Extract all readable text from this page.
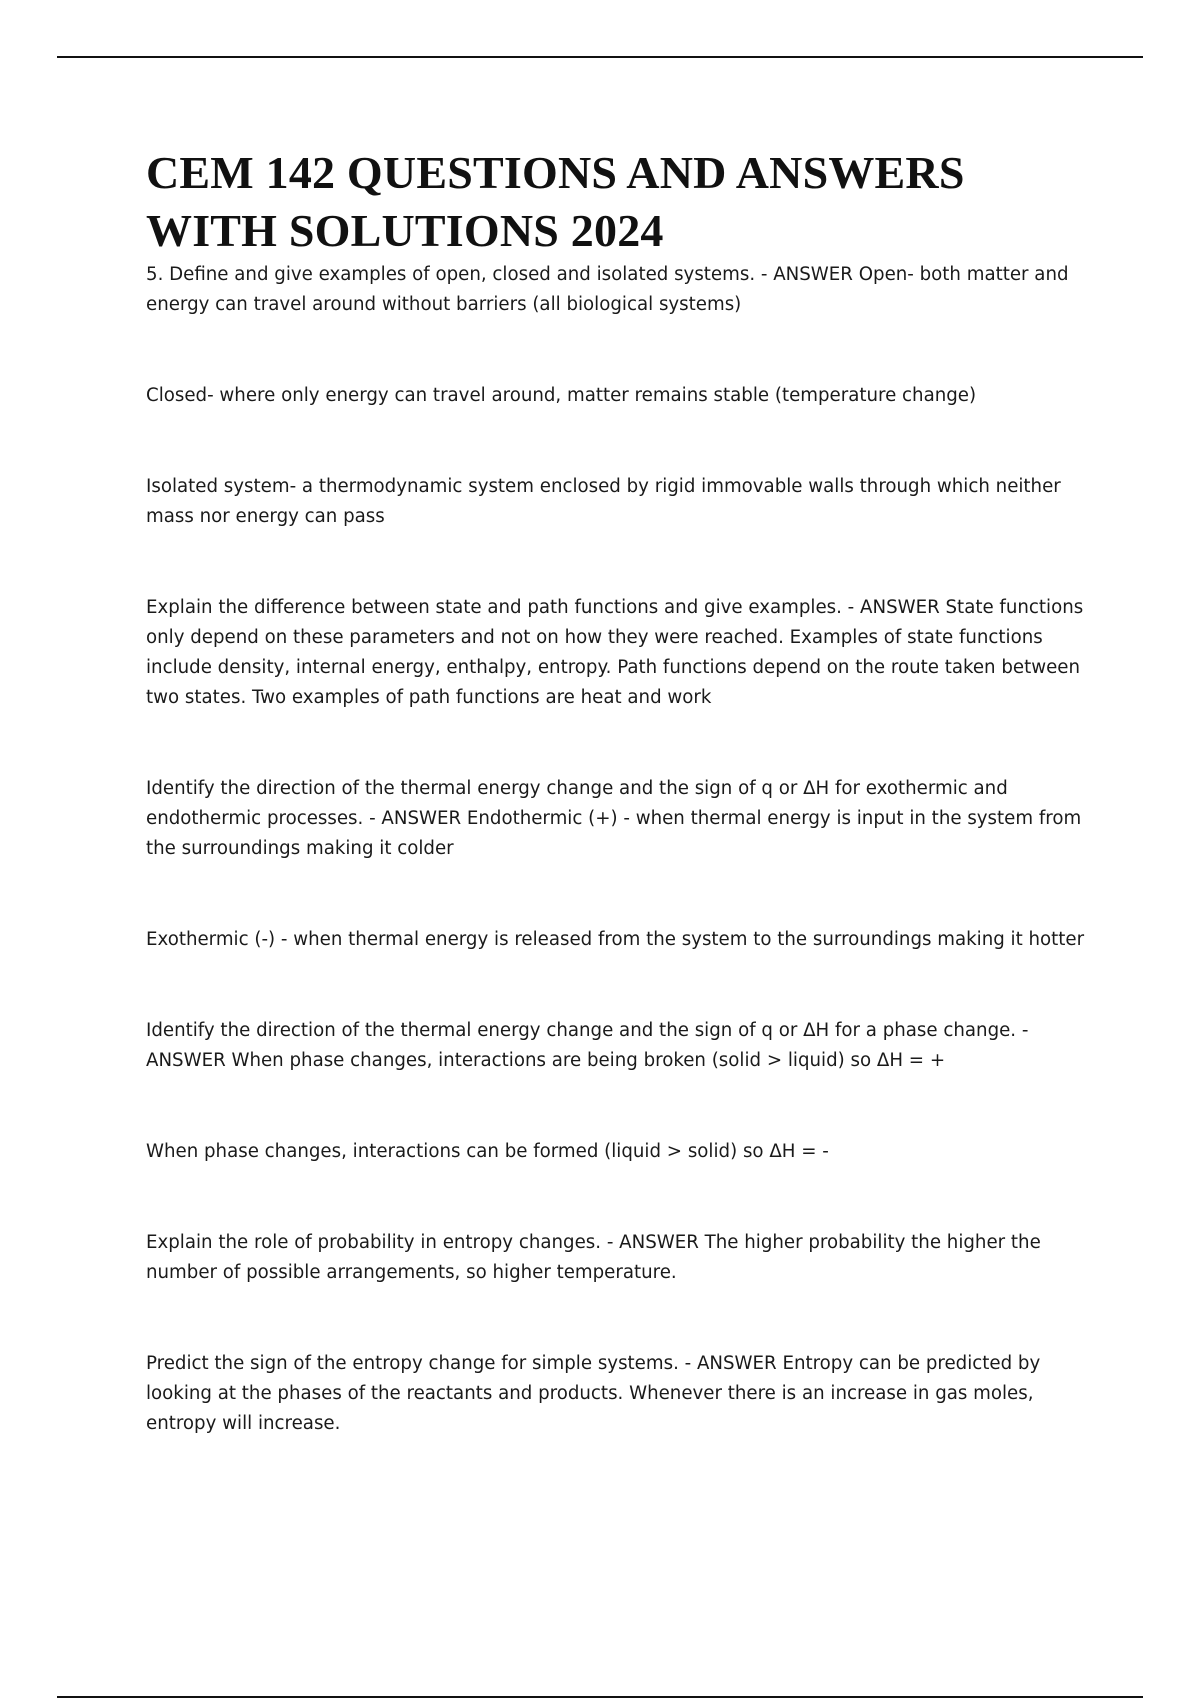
CEM 142 QUESTIONS AND ANSWERS
WITH SOLUTIONS 2024

5. Define and give examples of open, closed and isolated systems. - ANSWER Open- both matter and energy can travel around without barriers (all biological systems)

Closed- where only energy can travel around, matter remains stable (temperature change)

Isolated system- a thermodynamic system enclosed by rigid immovable walls through which neither mass nor energy can pass

Explain the difference between state and path functions and give examples. - ANSWER State functions only depend on these parameters and not on how they were reached. Examples of state functions include density, internal energy, enthalpy, entropy. Path functions depend on the route taken between two states. Two examples of path functions are heat and work

Identify the direction of the thermal energy change and the sign of q or ΔH for exothermic and endothermic processes. - ANSWER Endothermic (+) - when thermal energy is input in the system from the surroundings making it colder

Exothermic (-) - when thermal energy is released from the system to the surroundings making it hotter

Identify the direction of the thermal energy change and the sign of q or ΔH for a phase change. - ANSWER When phase changes, interactions are being broken (solid > liquid) so ΔH = +

When phase changes, interactions can be formed (liquid > solid) so ΔH = -

Explain the role of probability in entropy changes. - ANSWER The higher probability the higher the number of possible arrangements, so higher temperature.

Predict the sign of the entropy change for simple systems. - ANSWER Entropy can be predicted by looking at the phases of the reactants and products. Whenever there is an increase in gas moles, entropy will increase.
